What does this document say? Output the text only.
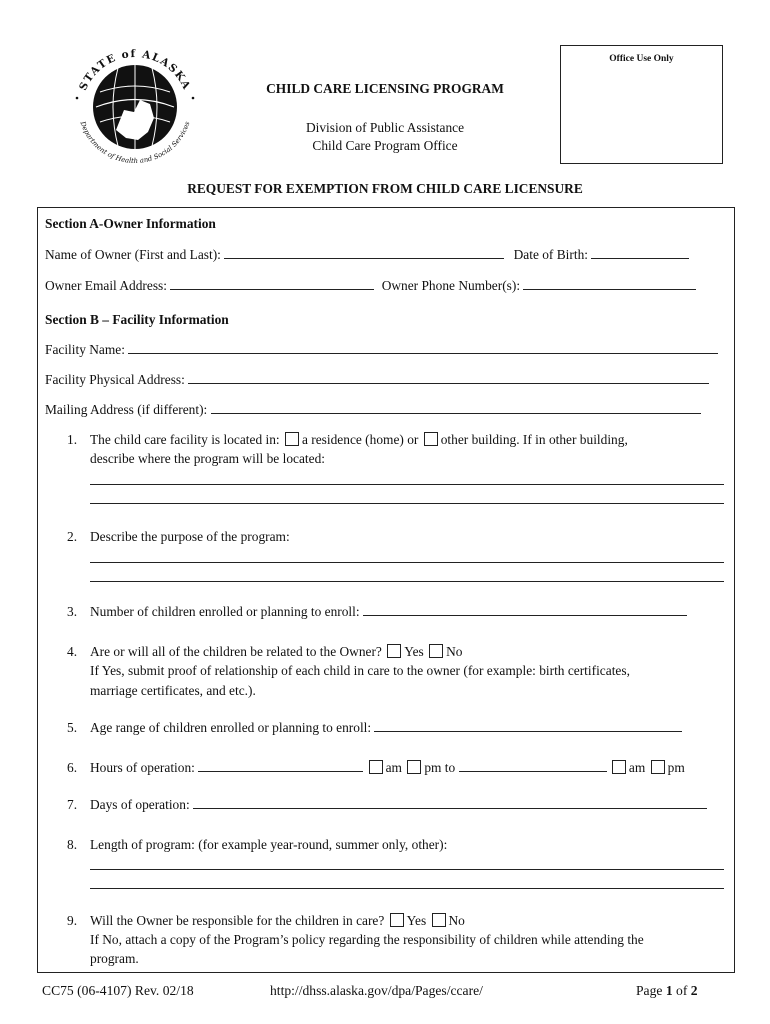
STATE of ALASKA
Department of Health and Social Services
CHILD CARE LICENSING PROGRAM
Division of Public Assistance
Child Care Program Office
Office Use Only
REQUEST FOR EXEMPTION FROM CHILD CARE LICENSURE
Section A-Owner Information
Name of Owner (First and Last):	Date of Birth:
Owner Email Address:	Owner Phone Number(s):
Section B – Facility Information
Facility Name:
Facility Physical Address:
Mailing Address (if different):
1. The child care facility is located in: a residence (home) or other building. If in other building,
describe where the program will be located:
2. Describe the purpose of the program:
3. Number of children enrolled or planning to enroll:
4. Are or will all of the children be related to the Owner? Yes No
If Yes, submit proof of relationship of each child in care to the owner (for example: birth certificates,
marriage certificates, and etc.).
5. Age range of children enrolled or planning to enroll:
6. Hours of operation:	am pm to	am pm
7. Days of operation:
8. Length of program: (for example year-round, summer only, other):
9. Will the Owner be responsible for the children in care? Yes No
If No, attach a copy of the Program’s policy regarding the responsibility of children while attending the
program.
CC75 (06-4107) Rev. 02/18	http://dhss.alaska.gov/dpa/Pages/ccare/	Page 1 of 2
